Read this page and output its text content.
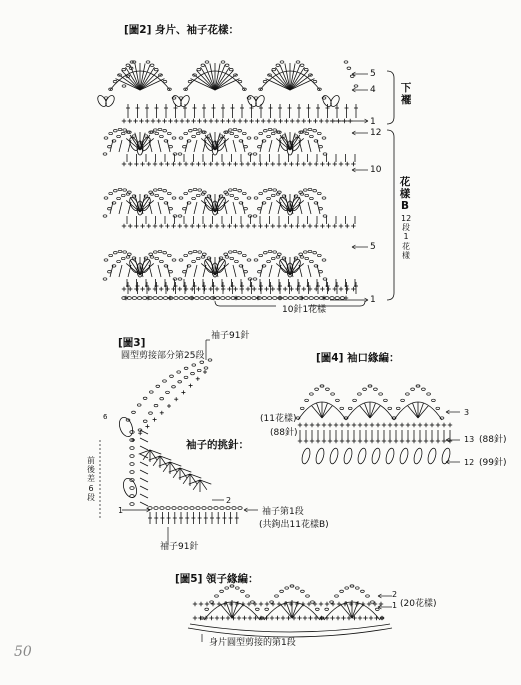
[圖2] 身片、袖子花樣：
5
4
1
12
10
5
1
下襬
花樣B
12段1花樣
10針1花樣
[圖3]
圓型剪接部分第25段
袖子91針
袖子的挑針：
前後差6段
6
2
1	袖子第1段
(共鉤出11花樣B)
袖子91針
[圖4] 袖口緣編：
(11花樣)
(88針)
3
13 (88針)
12 (99針)
[圖5] 領子緣編：
2
1 (20花樣)
身片圓型剪接的第1段
50
